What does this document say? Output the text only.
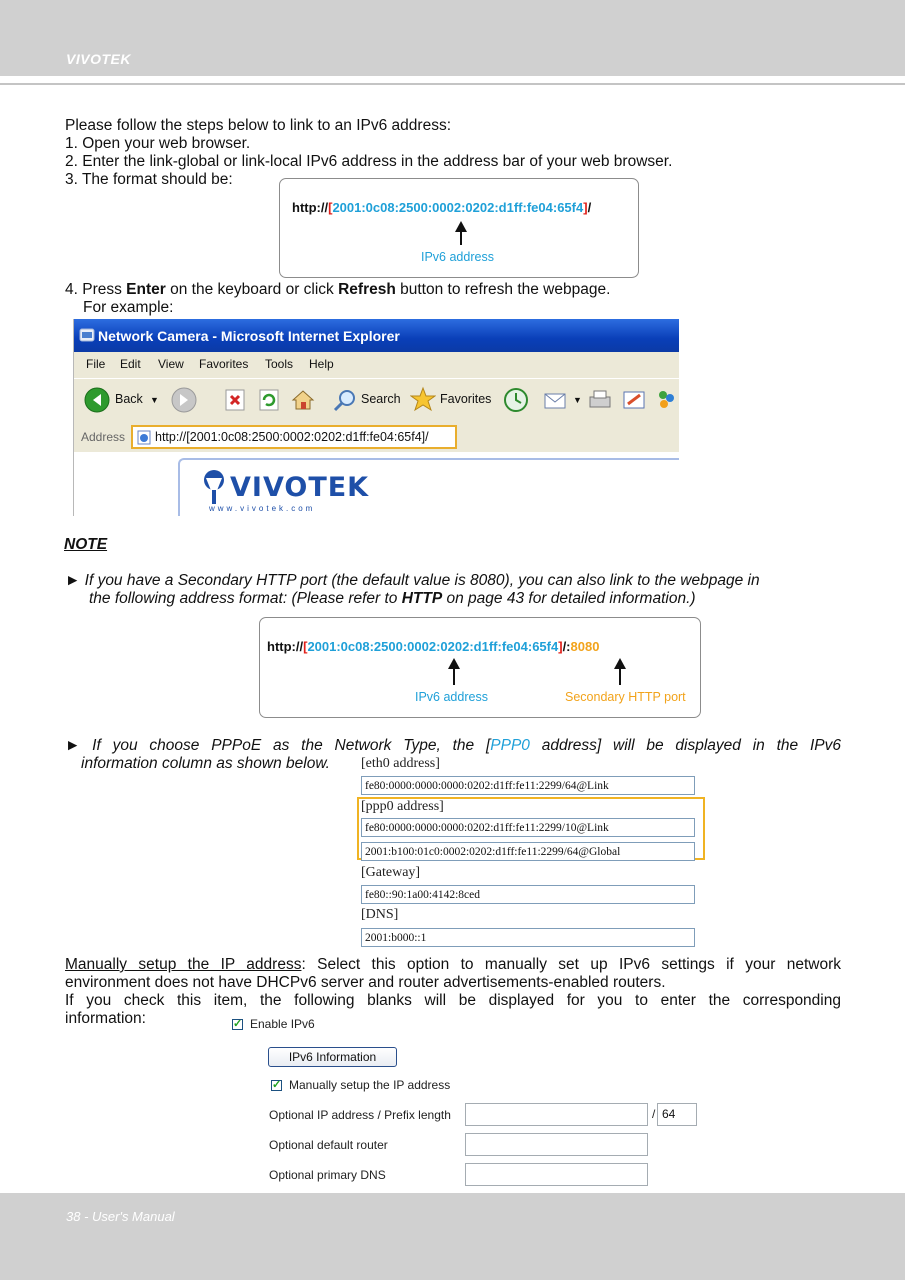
VIVOTEK
Please follow the steps below to link to an IPv6 address:
1. Open your web browser.
2. Enter the link-global or link-local IPv6 address in the address bar of your web browser.
3. The format should be:
http://[2001:0c08:2500:0002:0202:d1ff:fe04:65f4]/
IPv6 address
4. Press Enter on the keyboard or click Refresh button to refresh the webpage.
For example:
Network Camera - Microsoft Internet Explorer
File Edit View Favorites Tools Help
Back ▼	Search	Favorites	▼
Address http://[2001:0c08:2500:0002:0202:d1ff:fe04:65f4]/
VIVOTEK
www.vivotek.com
NOTE
► If you have a Secondary HTTP port (the default value is 8080), you can also link to the webpage in
the following address format: (Please refer to HTTP on page 43 for detailed information.)
http://[2001:0c08:2500:0002:0202:d1ff:fe04:65f4]/:8080
IPv6 address	Secondary HTTP port
► If you choose PPPoE as the Network Type, the [PPP0 address] will be displayed in the IPv6
information column as shown below. [eth0 address]
fe80:0000:0000:0000:0202:d1ff:fe11:2299/64@Link
[ppp0 address]
fe80:0000:0000:0000:0202:d1ff:fe11:2299/10@Link
2001:b100:01c0:0002:0202:d1ff:fe11:2299/64@Global
[Gateway]
fe80::90:1a00:4142:8ced
[DNS]
2001:b000::1
Manually setup the IP address: Select this option to manually set up IPv6 settings if your network
environment does not have DHCPv6 server and router advertisements-enabled routers.
If you check this item, the following blanks will be displayed for you to enter the corresponding
information:	✓ Enable IPv6
IPv6 Information
✓ Manually setup the IP address
Optional IP address / Prefix length	/ 64
Optional default router
Optional primary DNS
38 - User's Manual
